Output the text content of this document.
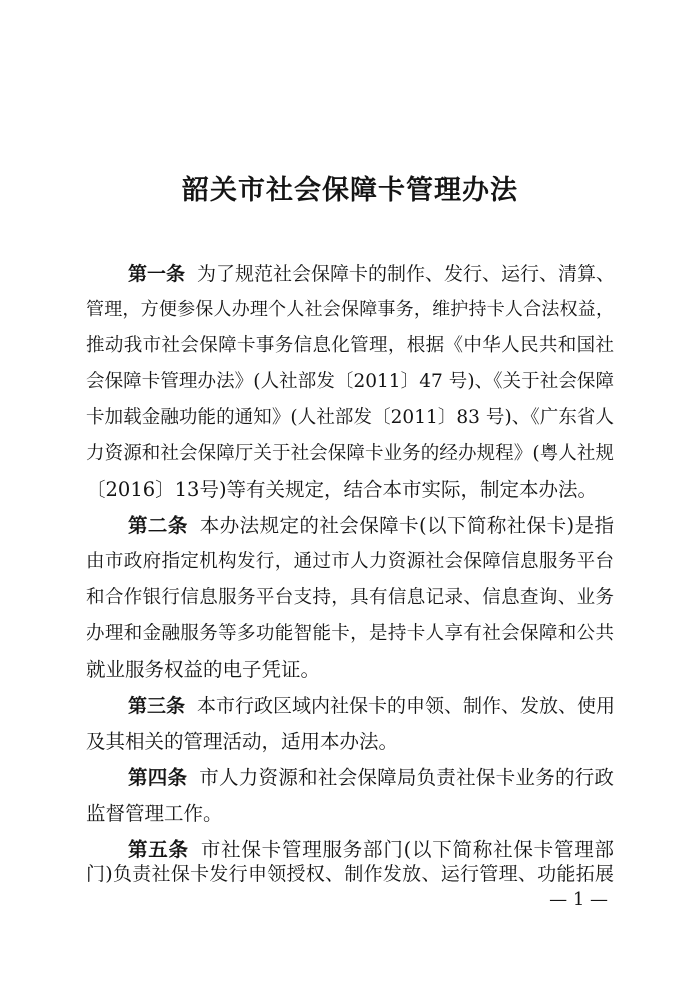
韶关市社会保障卡管理办法
第一条 为了规范社会保障卡的制作、发行、运行、清算、
管理，方便参保人办理个人社会保障事务，维护持卡人合法权益，
推动我市社会保障卡事务信息化管理，根据《中华人民共和国社
会保障卡管理办法》(人社部发〔2011〕47 号)、《关于社会保障
卡加载金融功能的通知》(人社部发〔2011〕83 号)、《广东省人
力资源和社会保障厅关于社会保障卡业务的经办规程》(粤人社规
〔2016〕13号)等有关规定，结合本市实际，制定本办法。
第二条 本办法规定的社会保障卡(以下简称社保卡)是指
由市政府指定机构发行，通过市人力资源社会保障信息服务平台
和合作银行信息服务平台支持，具有信息记录、信息查询、业务
办理和金融服务等多功能智能卡，是持卡人享有社会保障和公共
就业服务权益的电子凭证。
第三条 本市行政区域内社保卡的申领、制作、发放、使用
及其相关的管理活动，适用本办法。
第四条 市人力资源和社会保障局负责社保卡业务的行政
监督管理工作。
第五条 市社保卡管理服务部门(以下简称社保卡管理部
门)负责社保卡发行申领授权、制作发放、运行管理、功能拓展
— 1 —
